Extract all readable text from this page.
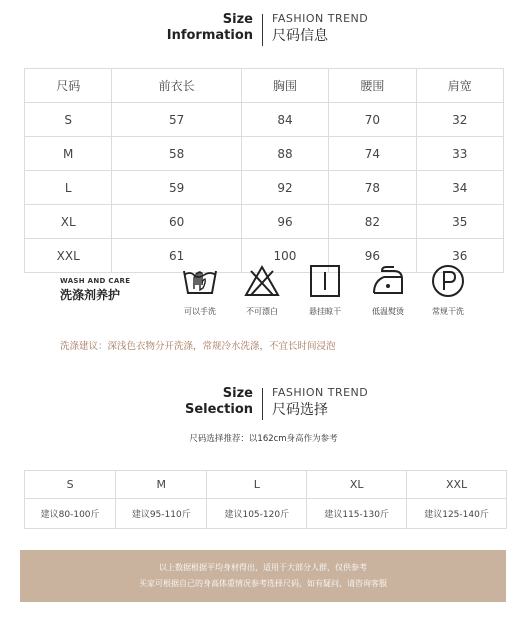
Size
Information
FASHION TREND
尺码信息
尺码	前衣长	胸围	腰围	肩宽
S	57	84	70	32
M	58	88	74	33
L	59	92	78	34
XL	60	96	82	35
XXL	61	100	96	36
WASH AND CARE
洗涤剂养护
可以手洗	不可漂白	悬挂晾干	低温熨烫	常规干洗
洗涤建议：深浅色衣物分开洗涤，常规冷水洗涤，不宜长时间浸泡
Size
Selection
FASHION TREND
尺码选择
尺码选择推荐：以162cm身高作为参考
S	M	L	XL	XXL
建议80-100斤	建议95-110斤	建议105-120斤	建议115-130斤	建议125-140斤
以上数据根据平均身材得出，适用于大部分人群，仅供参考
买家可根据自己的身高体重情况参考选择尺码，如有疑问，请咨询客服
